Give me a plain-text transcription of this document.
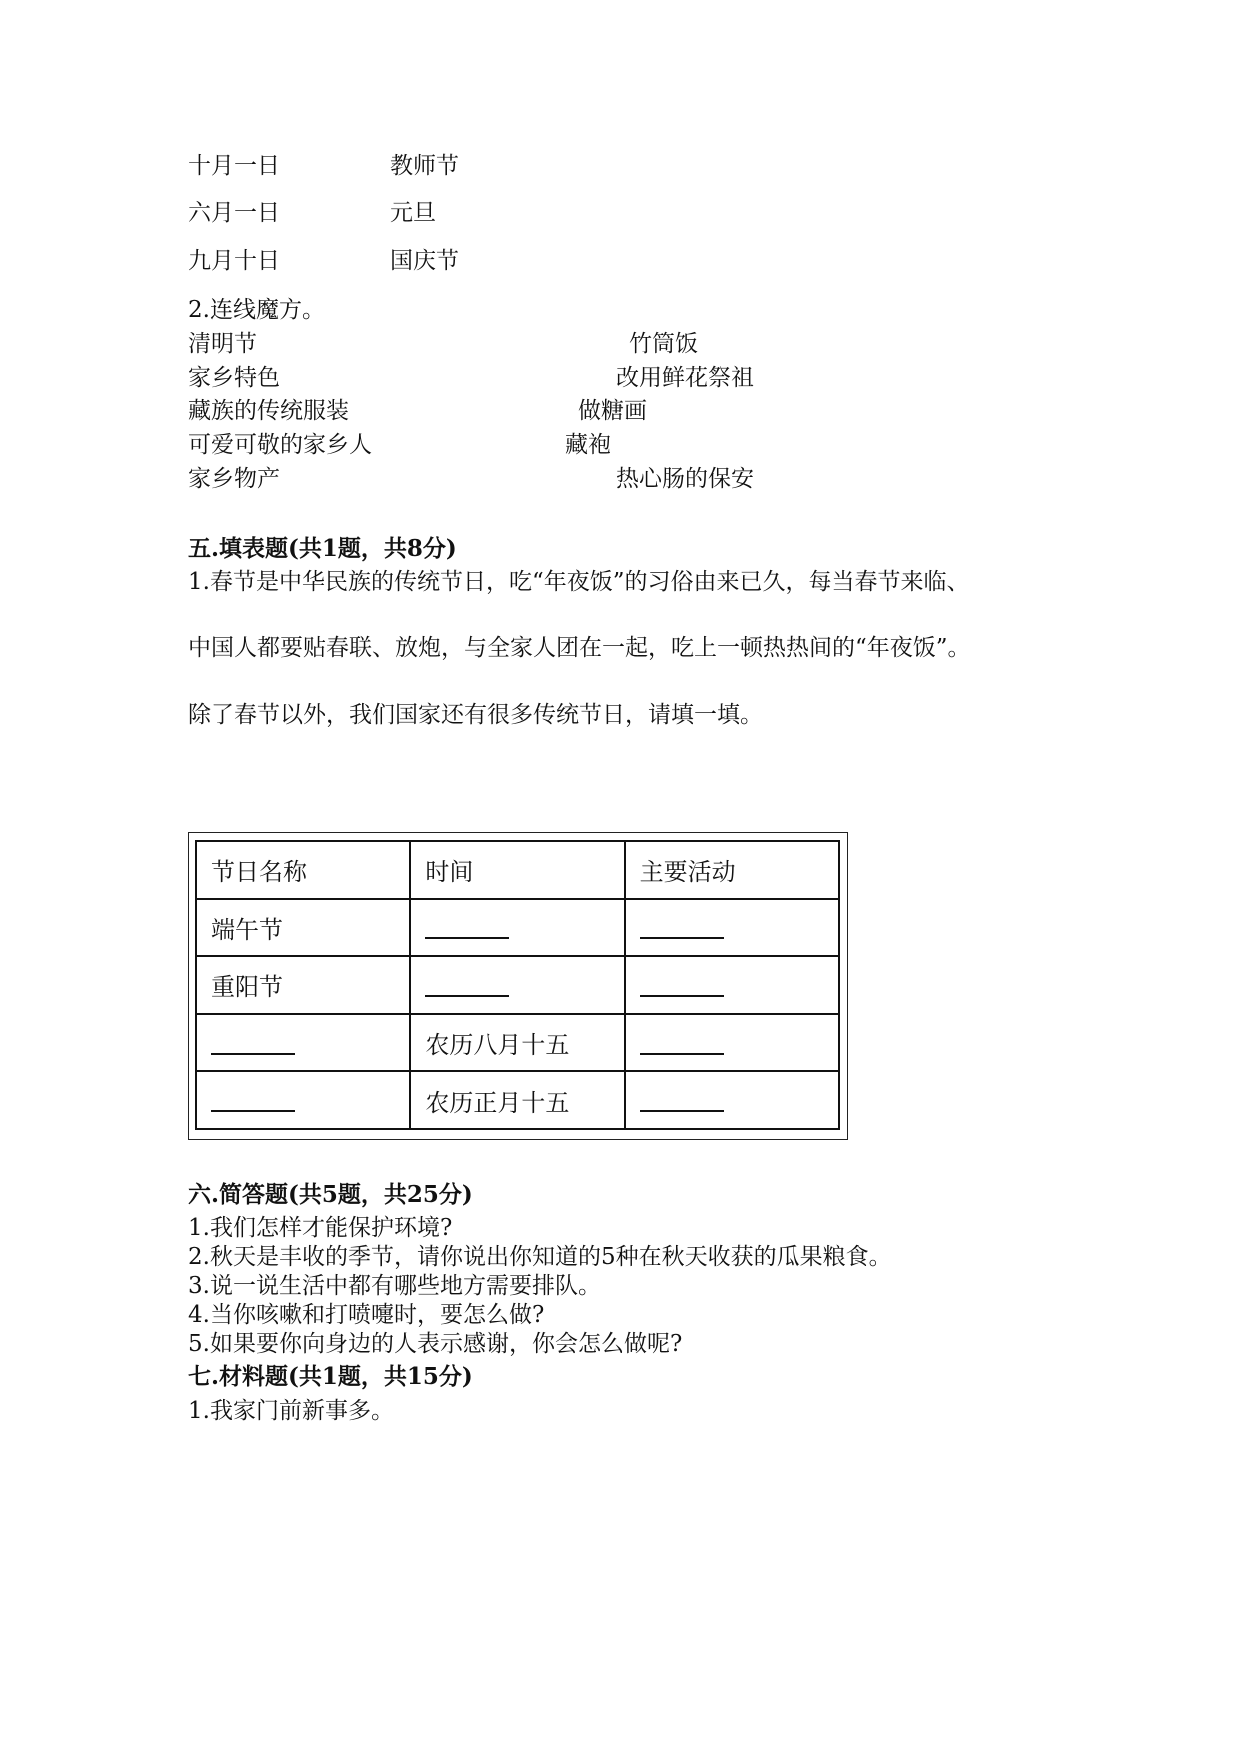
十月一日	教师节
六月一日	元旦
九月十日	国庆节
2.连线魔方。
清明节
家乡特色
藏族的传统服装
可爱可敬的家乡人
家乡物产
竹筒饭
改用鲜花祭祖
做糖画
藏袍
热心肠的保安
五.填表题(共1题，共8分)
1.春节是中华民族的传统节日，吃“年夜饭”的习俗由来已久，每当春节来临、
中国人都要贴春联、放炮，与全家人团在一起，吃上一顿热热间的“年夜饭”。
除了春节以外，我们国家还有很多传统节日，请填一填。
节日名称	时间	主要活动
端午节		
重阳节		
	农历八月十五	
	农历正月十五	
六.简答题(共5题，共25分)
1.我们怎样才能保护环境?
2.秋天是丰收的季节，请你说出你知道的5种在秋天收获的瓜果粮食。
3.说一说生活中都有哪些地方需要排队。
4.当你咳嗽和打喷嚏时，要怎么做?
5.如果要你向身边的人表示感谢，你会怎么做呢?
七.材料题(共1题，共15分)
1.我家门前新事多。
